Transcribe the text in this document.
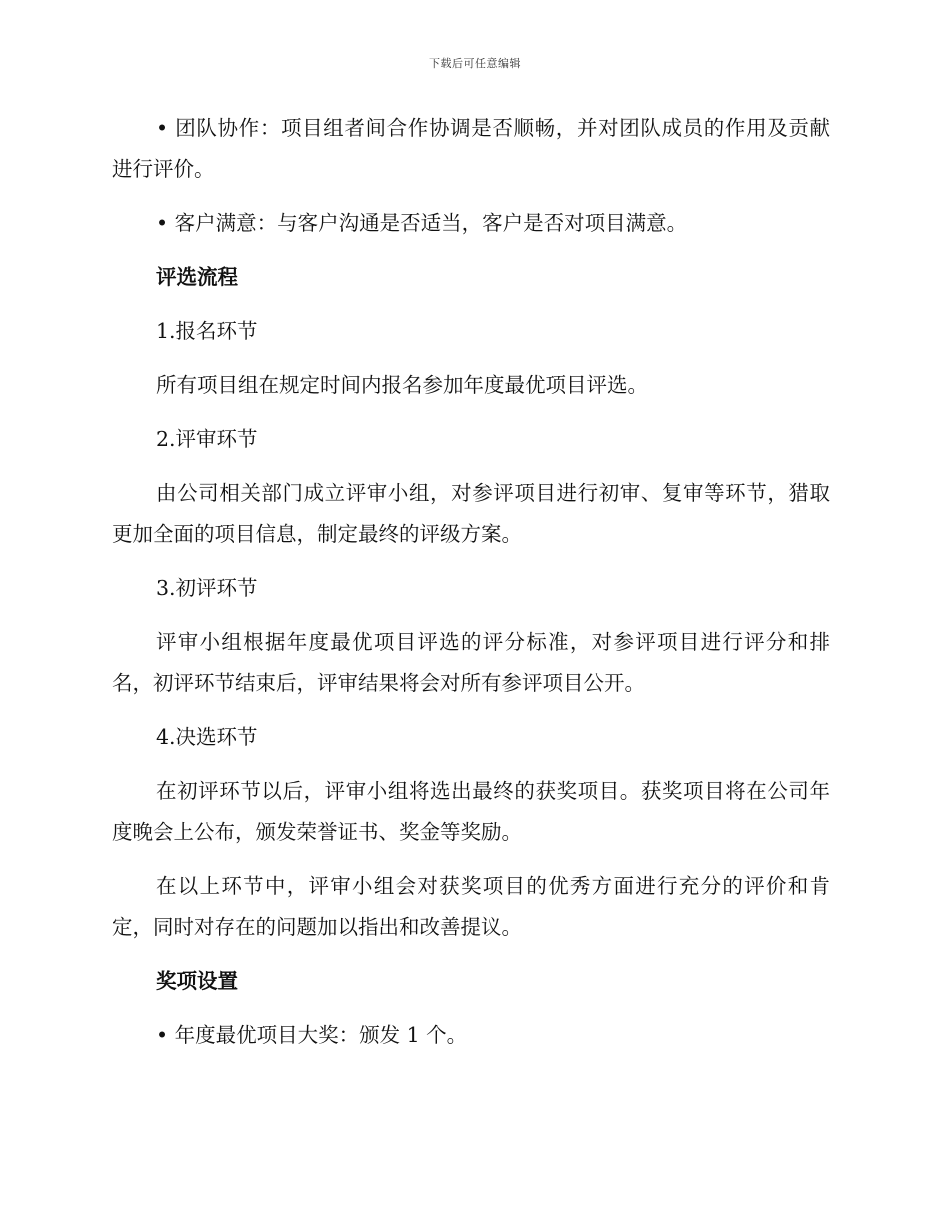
下载后可任意编辑

• 团队协作：项目组者间合作协调是否顺畅，并对团队成员的作用及贡献进行评价。

• 客户满意：与客户沟通是否适当，客户是否对项目满意。

评选流程

1.报名环节

所有项目组在规定时间内报名参加年度最优项目评选。

2.评审环节

由公司相关部门成立评审小组，对参评项目进行初审、复审等环节，猎取更加全面的项目信息，制定最终的评级方案。

3.初评环节

评审小组根据年度最优项目评选的评分标准，对参评项目进行评分和排名，初评环节结束后，评审结果将会对所有参评项目公开。

4.决选环节

在初评环节以后，评审小组将选出最终的获奖项目。获奖项目将在公司年度晚会上公布，颁发荣誉证书、奖金等奖励。

在以上环节中，评审小组会对获奖项目的优秀方面进行充分的评价和肯定，同时对存在的问题加以指出和改善提议。

奖项设置

• 年度最优项目大奖：颁发 1 个。
